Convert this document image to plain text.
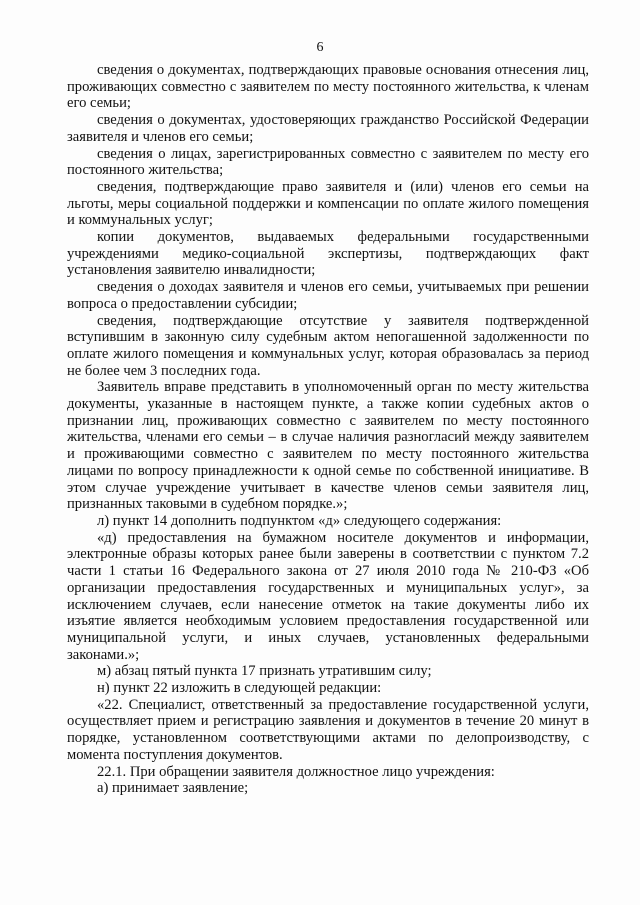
6

сведения о документах, подтверждающих правовые основания отнесения лиц, проживающих совместно с заявителем по месту постоянного жительства, к членам его семьи;

сведения о документах, удостоверяющих гражданство Российской Федерации заявителя и членов его семьи;

сведения о лицах, зарегистрированных совместно с заявителем по месту его постоянного жительства;

сведения, подтверждающие право заявителя и (или) членов его семьи на льготы, меры социальной поддержки и компенсации по оплате жилого помещения и коммунальных услуг;

копии документов, выдаваемых федеральными государственными учреждениями медико-социальной экспертизы, подтверждающих факт установления заявителю инвалидности;

сведения о доходах заявителя и членов его семьи, учитываемых при решении вопроса о предоставлении субсидии;

сведения, подтверждающие отсутствие у заявителя подтвержденной вступившим в законную силу судебным актом непогашенной задолженности по оплате жилого помещения и коммунальных услуг, которая образовалась за период не более чем 3 последних года.

Заявитель вправе представить в уполномоченный орган по месту жительства документы, указанные в настоящем пункте, а также копии судебных актов о признании лиц, проживающих совместно с заявителем по месту постоянного жительства, членами его семьи – в случае наличия разногласий между заявителем и проживающими совместно с заявителем по месту постоянного жительства лицами по вопросу принадлежности к одной семье по собственной инициативе. В этом случае учреждение учитывает в качестве членов семьи заявителя лиц, признанных таковыми в судебном порядке.»;

л) пункт 14 дополнить подпунктом «д» следующего содержания:

«д) предоставления на бумажном носителе документов и информации, электронные образы которых ранее были заверены в соответствии с пунктом 7.2 части 1 статьи 16 Федерального закона от 27 июля 2010 года № 210-ФЗ «Об организации предоставления государственных и муниципальных услуг», за исключением случаев, если нанесение отметок на такие документы либо их изъятие является необходимым условием предоставления государственной или муниципальной услуги, и иных случаев, установленных федеральными законами.»;

м) абзац пятый пункта 17 признать утратившим силу;

н) пункт 22 изложить в следующей редакции:

«22. Специалист, ответственный за предоставление государственной услуги, осуществляет прием и регистрацию заявления и документов в течение 20 минут в порядке, установленном соответствующими актами по делопроизводству, с момента поступления документов.

22.1. При обращении заявителя должностное лицо учреждения:

а) принимает заявление;
